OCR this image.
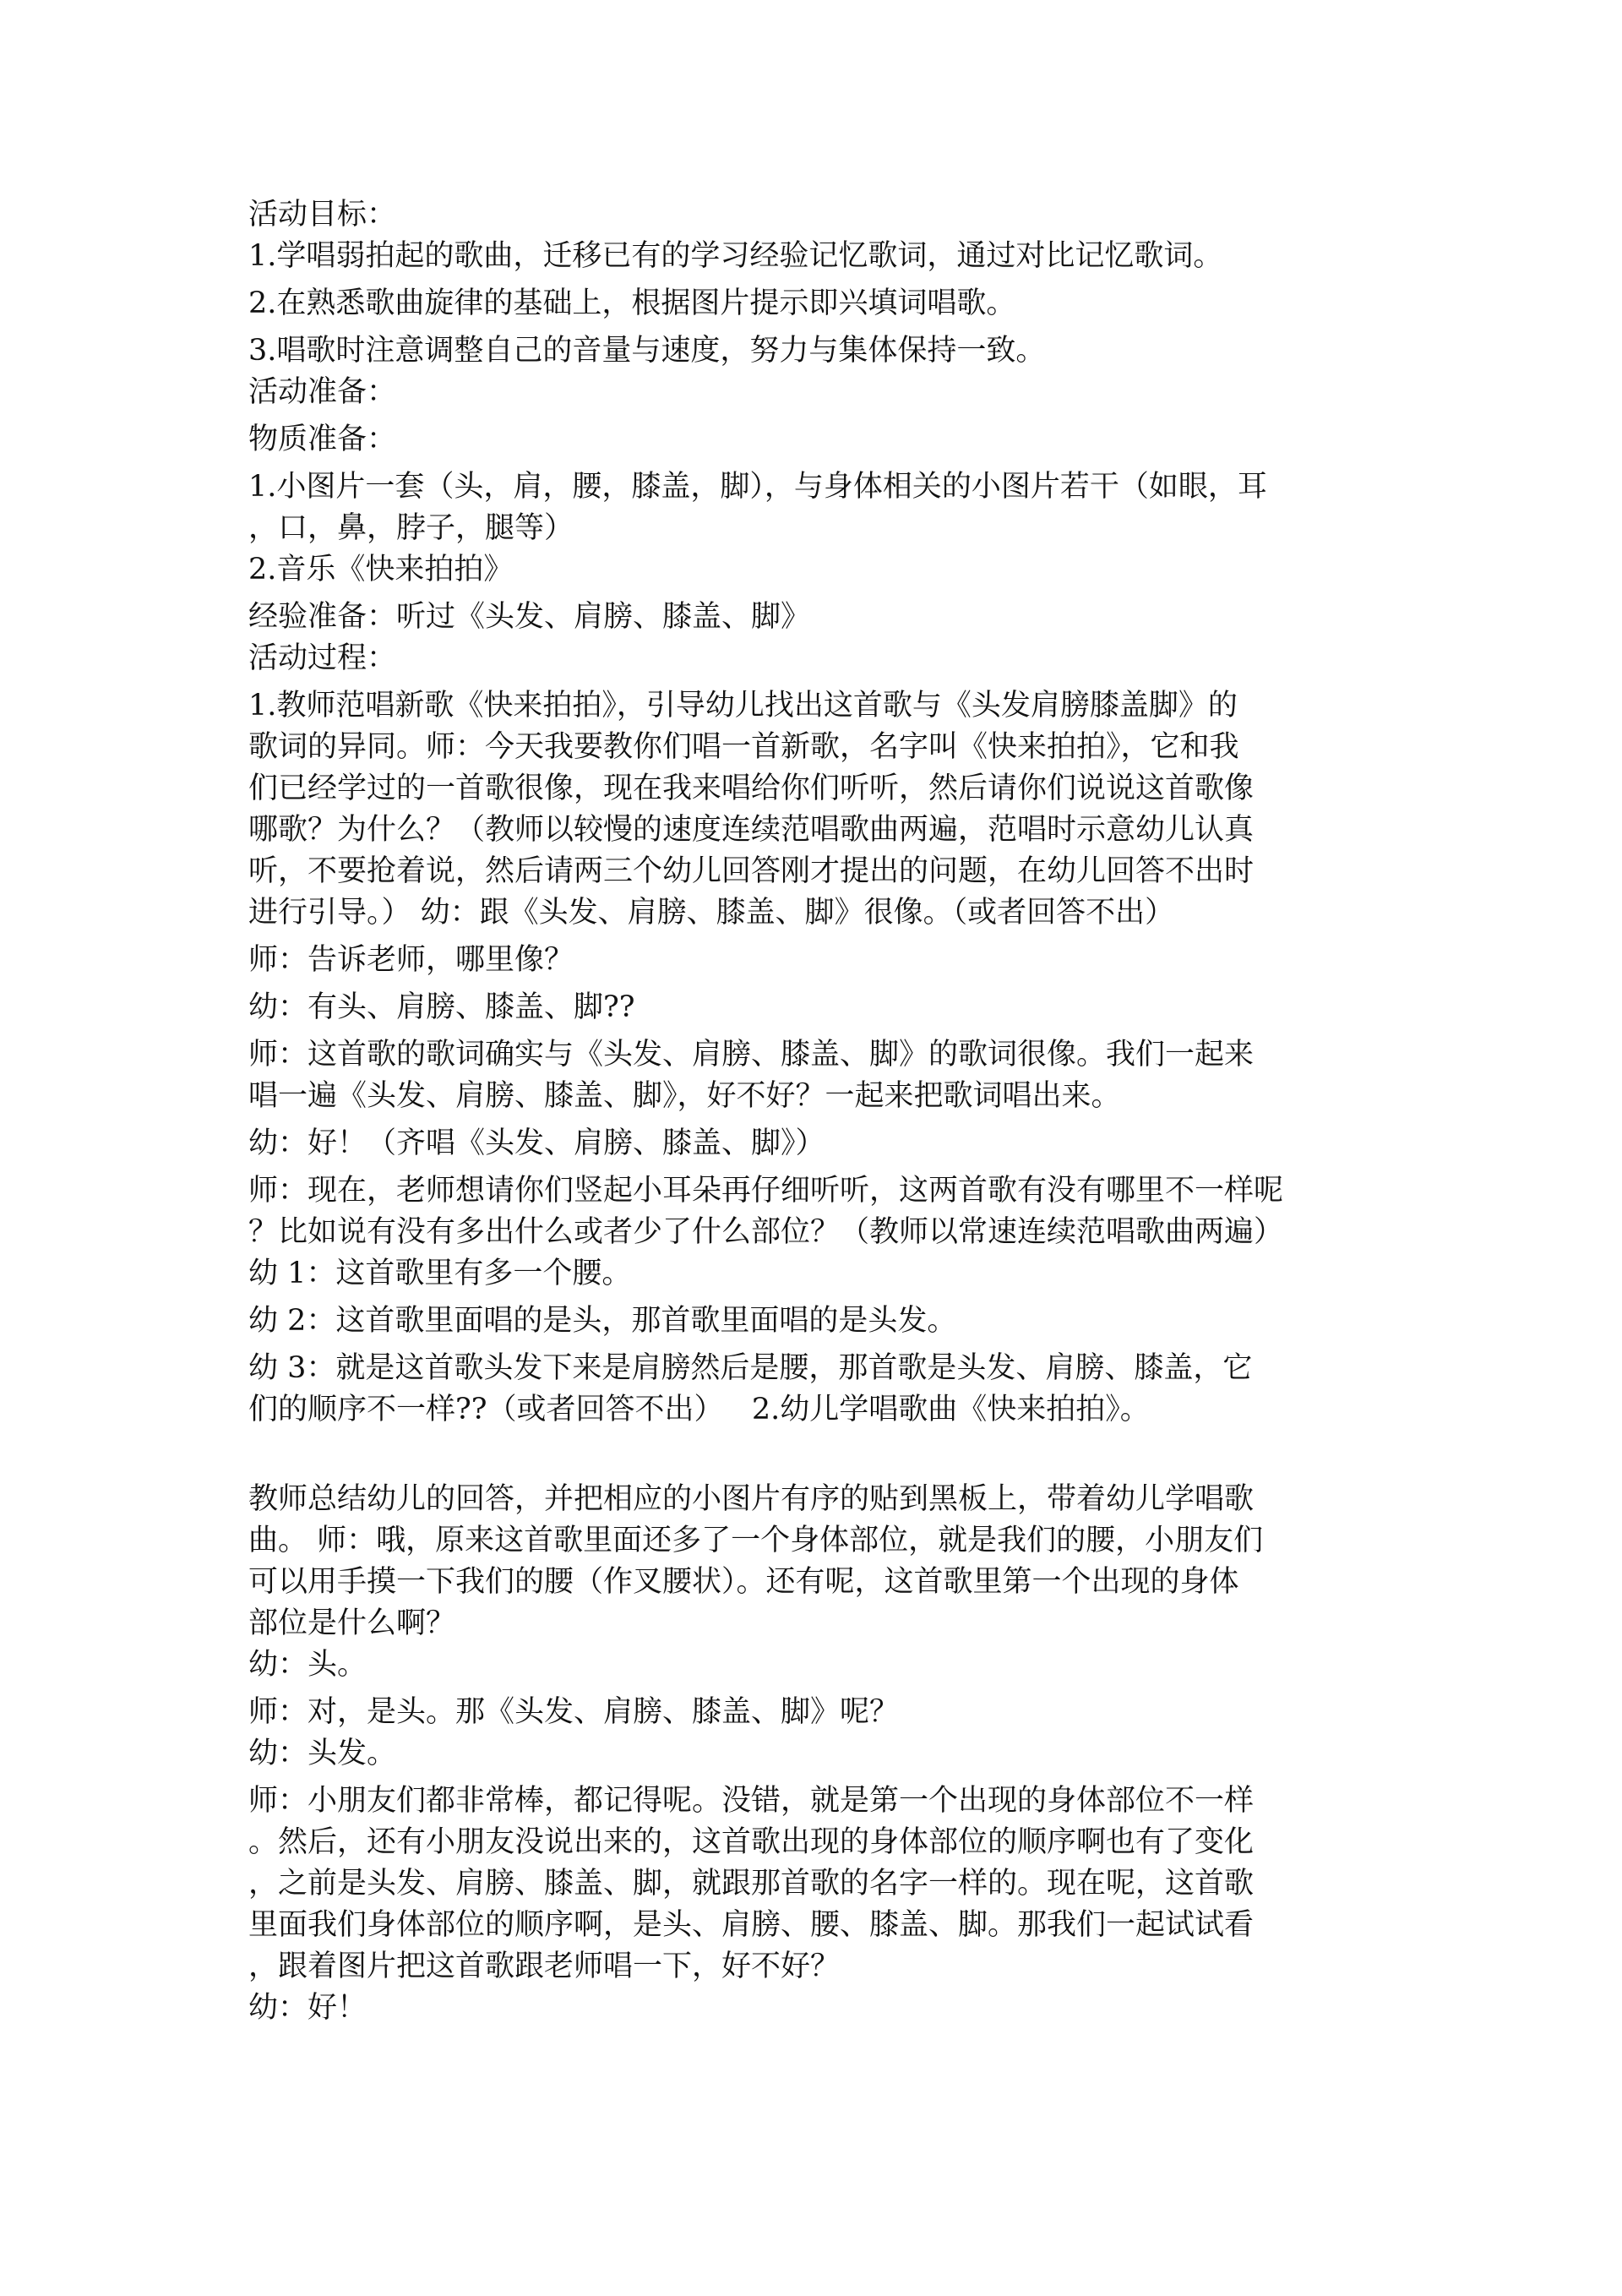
活动目标：

1.学唱弱拍起的歌曲，迁移已有的学习经验记忆歌词，通过对比记忆歌词。

2.在熟悉歌曲旋律的基础上，根据图片提示即兴填词唱歌。

3.唱歌时注意调整自己的音量与速度，努力与集体保持一致。

活动准备：

物质准备：

1.小图片一套（头，肩，腰，膝盖，脚），与身体相关的小图片若干（如眼，耳

，口，鼻，脖子，腿等）

2.音乐《快来拍拍》

经验准备：听过《头发、肩膀、膝盖、脚》

活动过程：

1.教师范唱新歌《快来拍拍》，引导幼儿找出这首歌与《头发肩膀膝盖脚》的

歌词的异同。师：今天我要教你们唱一首新歌，名字叫《快来拍拍》，它和我

们已经学过的一首歌很像，现在我来唱给你们听听，然后请你们说说这首歌像

哪歌？为什么？（教师以较慢的速度连续范唱歌曲两遍，范唱时示意幼儿认真

听，不要抢着说，然后请两三个幼儿回答刚才提出的问题，在幼儿回答不出时

进行引导。） 幼：跟《头发、肩膀、膝盖、脚》很像。（或者回答不出）

师：告诉老师，哪里像？

幼：有头、肩膀、膝盖、脚??

师：这首歌的歌词确实与《头发、肩膀、膝盖、脚》的歌词很像。我们一起来

唱一遍《头发、肩膀、膝盖、脚》，好不好？一起来把歌词唱出来。

幼：好！（齐唱《头发、肩膀、膝盖、脚》）

师：现在，老师想请你们竖起小耳朵再仔细听听，这两首歌有没有哪里不一样呢

？比如说有没有多出什么或者少了什么部位？（教师以常速连续范唱歌曲两遍）

幼 1：这首歌里有多一个腰。

幼 2：这首歌里面唱的是头，那首歌里面唱的是头发。

幼 3：就是这首歌头发下来是肩膀然后是腰，那首歌是头发、肩膀、膝盖，它

们的顺序不一样??（或者回答不出）   2.幼儿学唱歌曲《快来拍拍》。

教师总结幼儿的回答，并把相应的小图片有序的贴到黑板上，带着幼儿学唱歌

曲。 师：哦，原来这首歌里面还多了一个身体部位，就是我们的腰，小朋友们

可以用手摸一下我们的腰（作叉腰状）。还有呢，这首歌里第一个出现的身体

部位是什么啊？

幼：头。

师：对，是头。那《头发、肩膀、膝盖、脚》呢？

幼：头发。

师：小朋友们都非常棒，都记得呢。没错，就是第一个出现的身体部位不一样

。然后，还有小朋友没说出来的，这首歌出现的身体部位的顺序啊也有了变化

，之前是头发、肩膀、膝盖、脚，就跟那首歌的名字一样的。现在呢，这首歌

里面我们身体部位的顺序啊，是头、肩膀、腰、膝盖、脚。那我们一起试试看

，跟着图片把这首歌跟老师唱一下，好不好？

幼：好！
